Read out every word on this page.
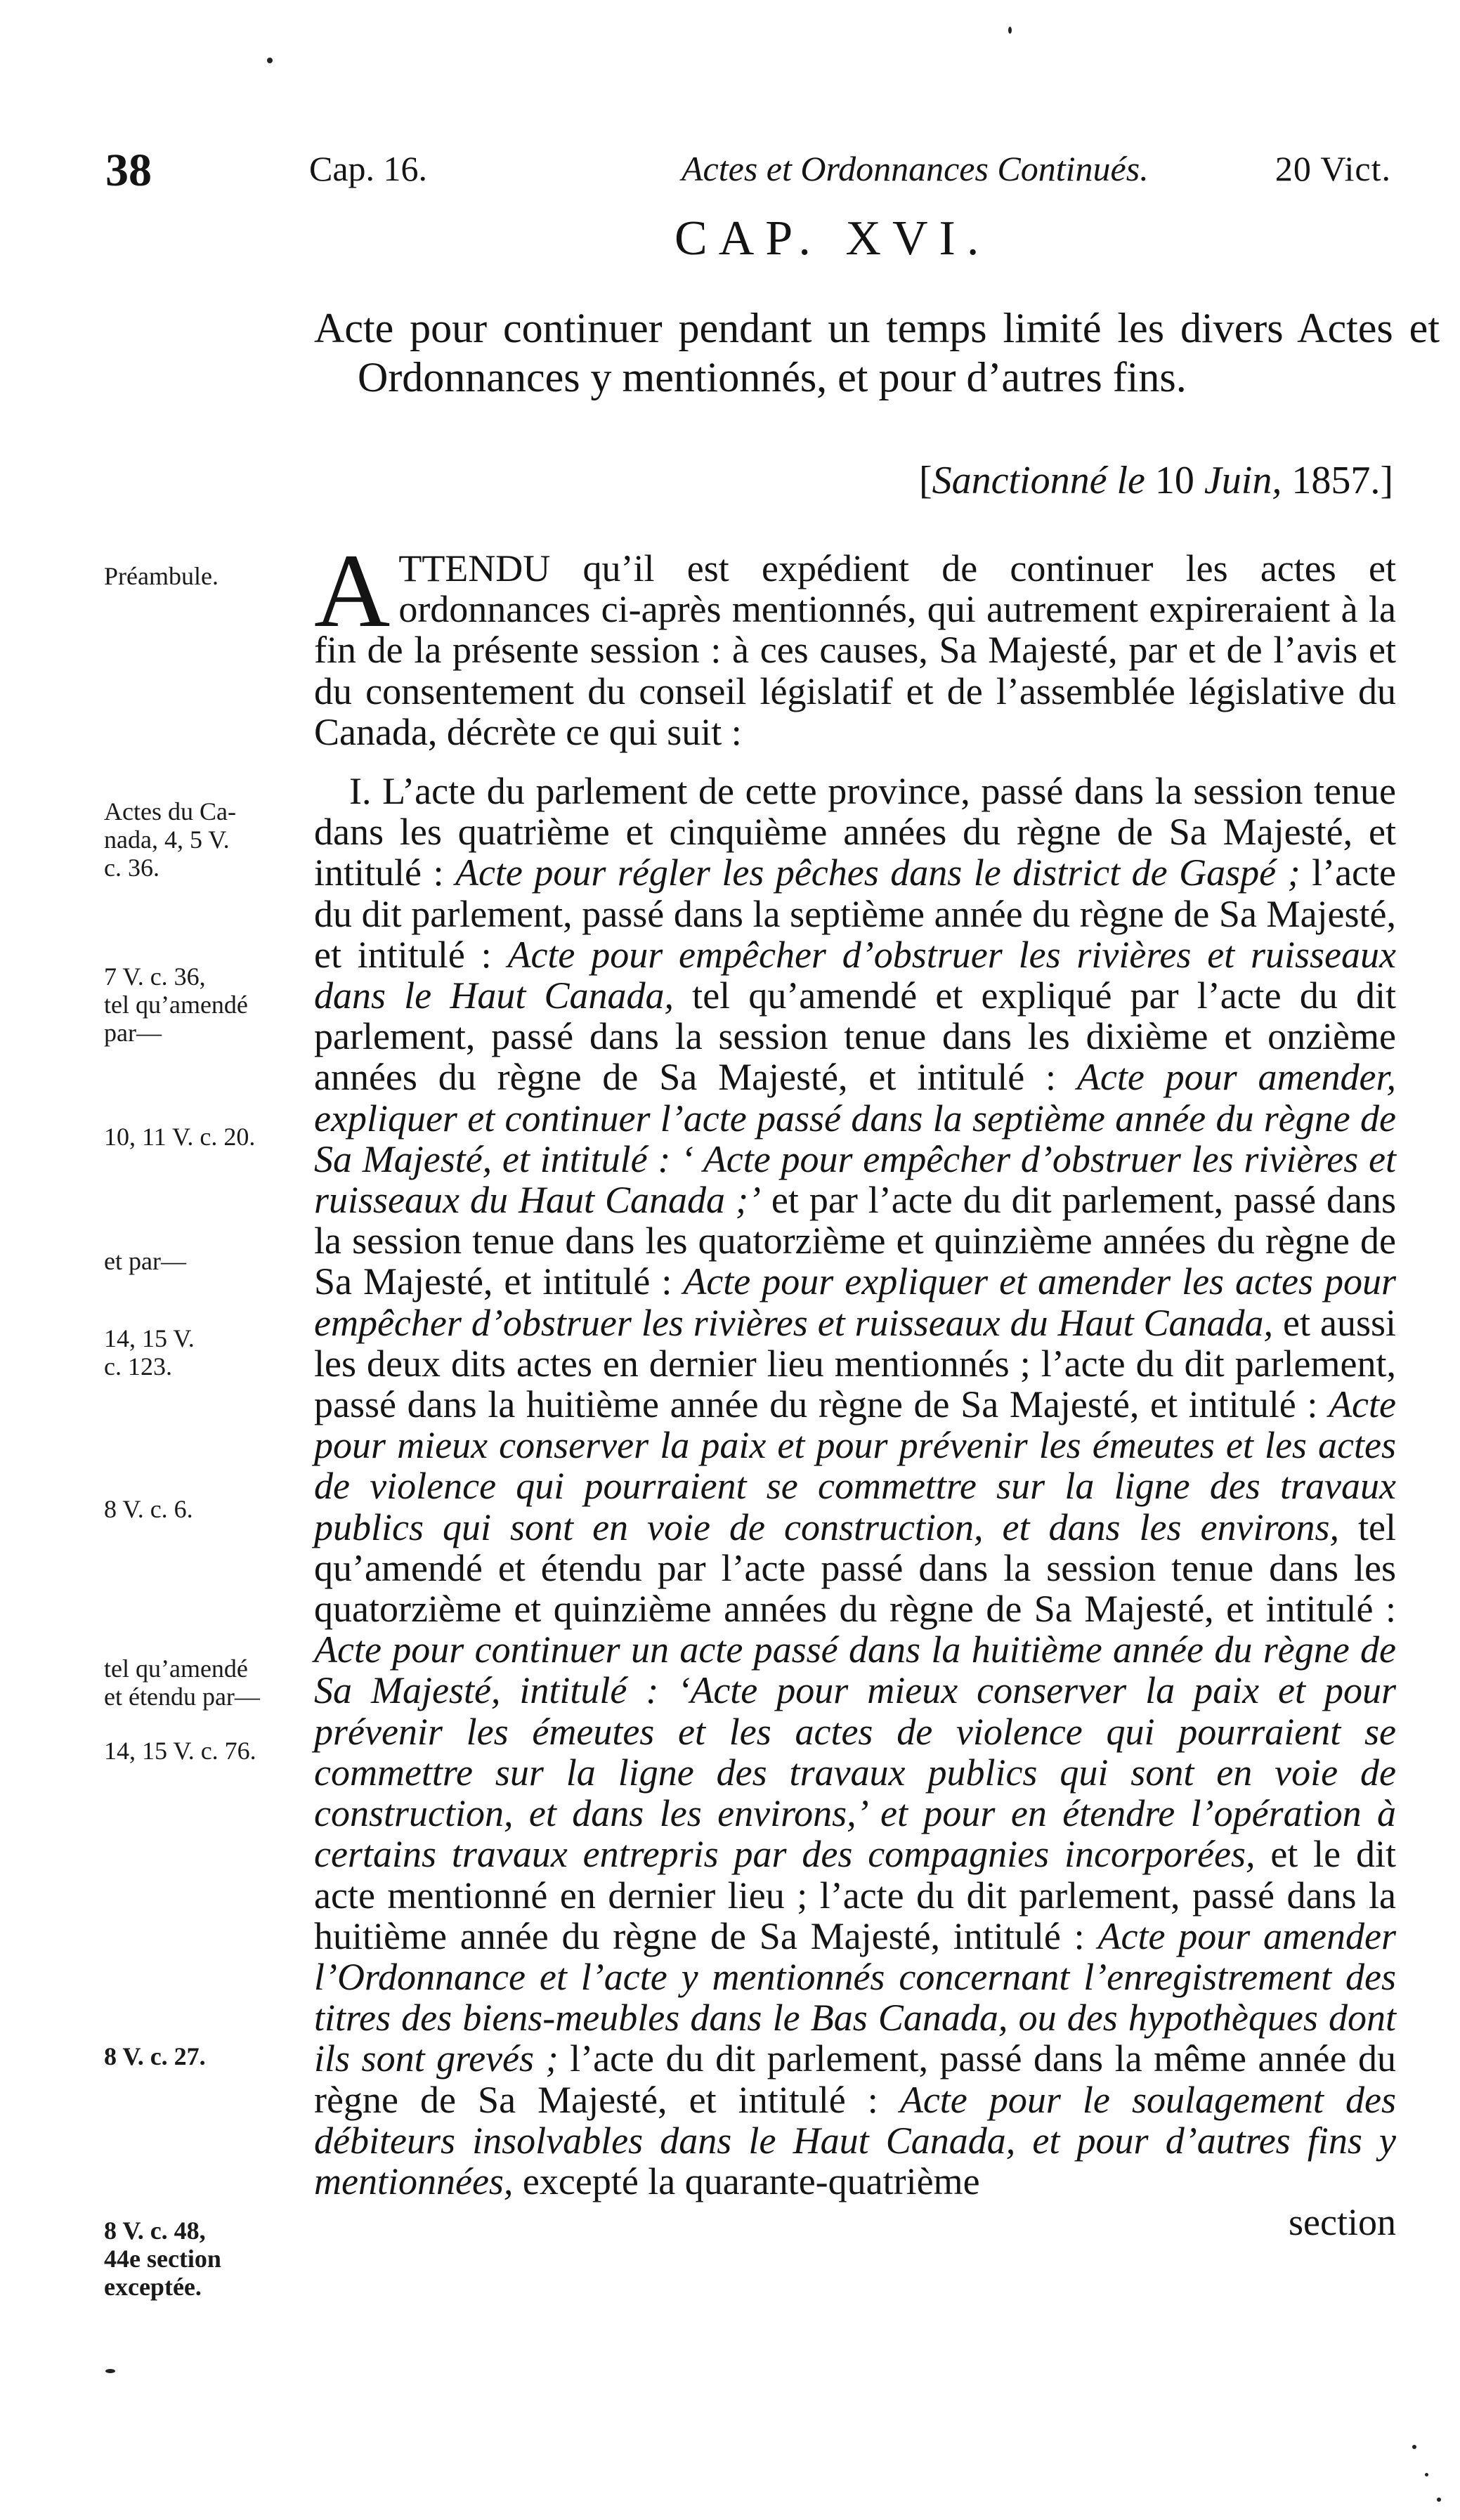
38	Cap. 16.	Actes et Ordonnances Continués.	20 Vict.
CAP. XVI.
Acte pour continuer pendant un temps limité les divers Actes et Ordonnances y mentionnés, et pour d’autres fins.
[Sanctionné le 10 Juin, 1857.]

ATTENDU qu’il est expédient de continuer les actes et ordonnances ci-après mentionnés, qui autrement expireraient à la fin de la présente session : à ces causes, Sa Majesté, par et de l’avis et du consentement du conseil législatif et de l’assemblée législative du Canada, décrète ce qui suit :

I. L’acte du parlement de cette province, passé dans la session tenue dans les quatrième et cinquième années du règne de Sa Majesté, et intitulé : Acte pour régler les pêches dans le district de Gaspé ; l’acte du dit parlement, passé dans la septième année du règne de Sa Majesté, et intitulé : Acte pour empêcher d’obstruer les rivières et ruisseaux dans le Haut Canada, tel qu’amendé et expliqué par l’acte du dit parlement, passé dans la session tenue dans les dixième et onzième années du règne de Sa Majesté, et intitulé : Acte pour amender, expliquer et continuer l’acte passé dans la septième année du règne de Sa Majesté, et intitulé : ‘ Acte pour empêcher d’obstruer les rivières et ruisseaux du Haut Canada ;’ et par l’acte du dit parlement, passé dans la session tenue dans les quatorzième et quinzième années du règne de Sa Majesté, et intitulé : Acte pour expliquer et amender les actes pour empêcher d’obstruer les rivières et ruisseaux du Haut Canada, et aussi les deux dits actes en dernier lieu mentionnés ; l’acte du dit parlement, passé dans la huitième année du règne de Sa Majesté, et intitulé : Acte pour mieux conserver la paix et pour prévenir les émeutes et les actes de violence qui pourraient se commettre sur la ligne des travaux publics qui sont en voie de construction, et dans les environs, tel qu’amendé et étendu par l’acte passé dans la session tenue dans les quatorzième et quinzième années du règne de Sa Majesté, et intitulé : Acte pour continuer un acte passé dans la huitième année du règne de Sa Majesté, intitulé : ‘Acte pour mieux conserver la paix et pour prévenir les émeutes et les actes de violence qui pourraient se commettre sur la ligne des travaux publics qui sont en voie de construction, et dans les environs,’ et pour en étendre l’opération à certains travaux entrepris par des compagnies incorporées, et le dit acte mentionné en dernier lieu ; l’acte du dit parlement, passé dans la huitième année du règne de Sa Majesté, intitulé : Acte pour amender l’Ordonnance et l’acte y mentionnés concernant l’enregistrement des titres des biens-meubles dans le Bas Canada, ou des hypothèques dont ils sont grevés ; l’acte du dit parlement, passé dans la même année du règne de Sa Majesté, et intitulé : Acte pour le soulagement des débiteurs insolvables dans le Haut Canada, et pour d’autres fins y mentionnées, excepté la quarante-quatrième

section

Préambule.
Actes du Ca-
nada, 4, 5 V.
c. 36.
7 V. c. 36,
tel qu’amendé
par—
10, 11 V. c. 20.
et par—
14, 15 V.
c. 123.
8 V. c. 6.
tel qu’amendé
et étendu par—
14, 15 V. c. 76.
8 V. c. 27.
8 V. c. 48,
44e section
exceptée.
